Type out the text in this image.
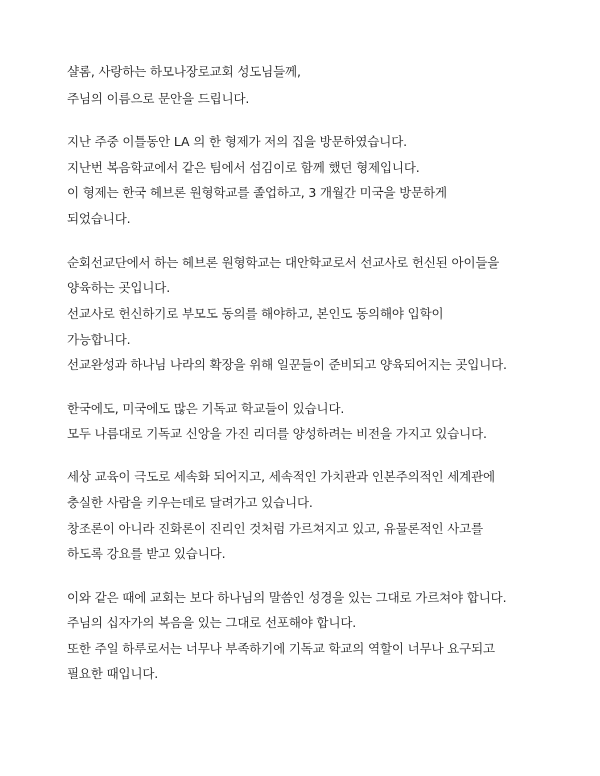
샬롬, 사랑하는 하모나장로교회 성도님들께,
주님의 이름으로 문안을 드립니다.
지난 주중 이틀동안 LA 의 한 형제가 저의 집을 방문하였습니다.
지난번 복음학교에서 같은 팀에서 섬김이로 함께 했던 형제입니다.
이 형제는 한국 헤브론 원형학교를 졸업하고, 3 개월간 미국을 방문하게
되었습니다.
순회선교단에서 하는 헤브론 원형학교는 대안학교로서 선교사로 헌신된 아이들을
양육하는 곳입니다.
선교사로 헌신하기로 부모도 동의를 해야하고, 본인도 동의해야 입학이
가능합니다.
선교완성과 하나님 나라의 확장을 위해 일꾼들이 준비되고 양육되어지는 곳입니다.
한국에도, 미국에도 많은 기독교 학교들이 있습니다.
모두 나름대로 기독교 신앙을 가진 리더를 양성하려는 비전을 가지고 있습니다.
세상 교육이 극도로 세속화 되어지고, 세속적인 가치관과 인본주의적인 세계관에
충실한 사람을 키우는데로 달려가고 있습니다.
창조론이 아니라 진화론이 진리인 것처럼 가르쳐지고 있고, 유물론적인 사고를
하도록 강요를 받고 있습니다.
이와 같은 때에 교회는 보다 하나님의 말씀인 성경을 있는 그대로 가르쳐야 합니다.
주님의 십자가의 복음을 있는 그대로 선포해야 합니다.
또한 주일 하루로서는 너무나 부족하기에 기독교 학교의 역할이 너무나 요구되고
필요한 때입니다.
